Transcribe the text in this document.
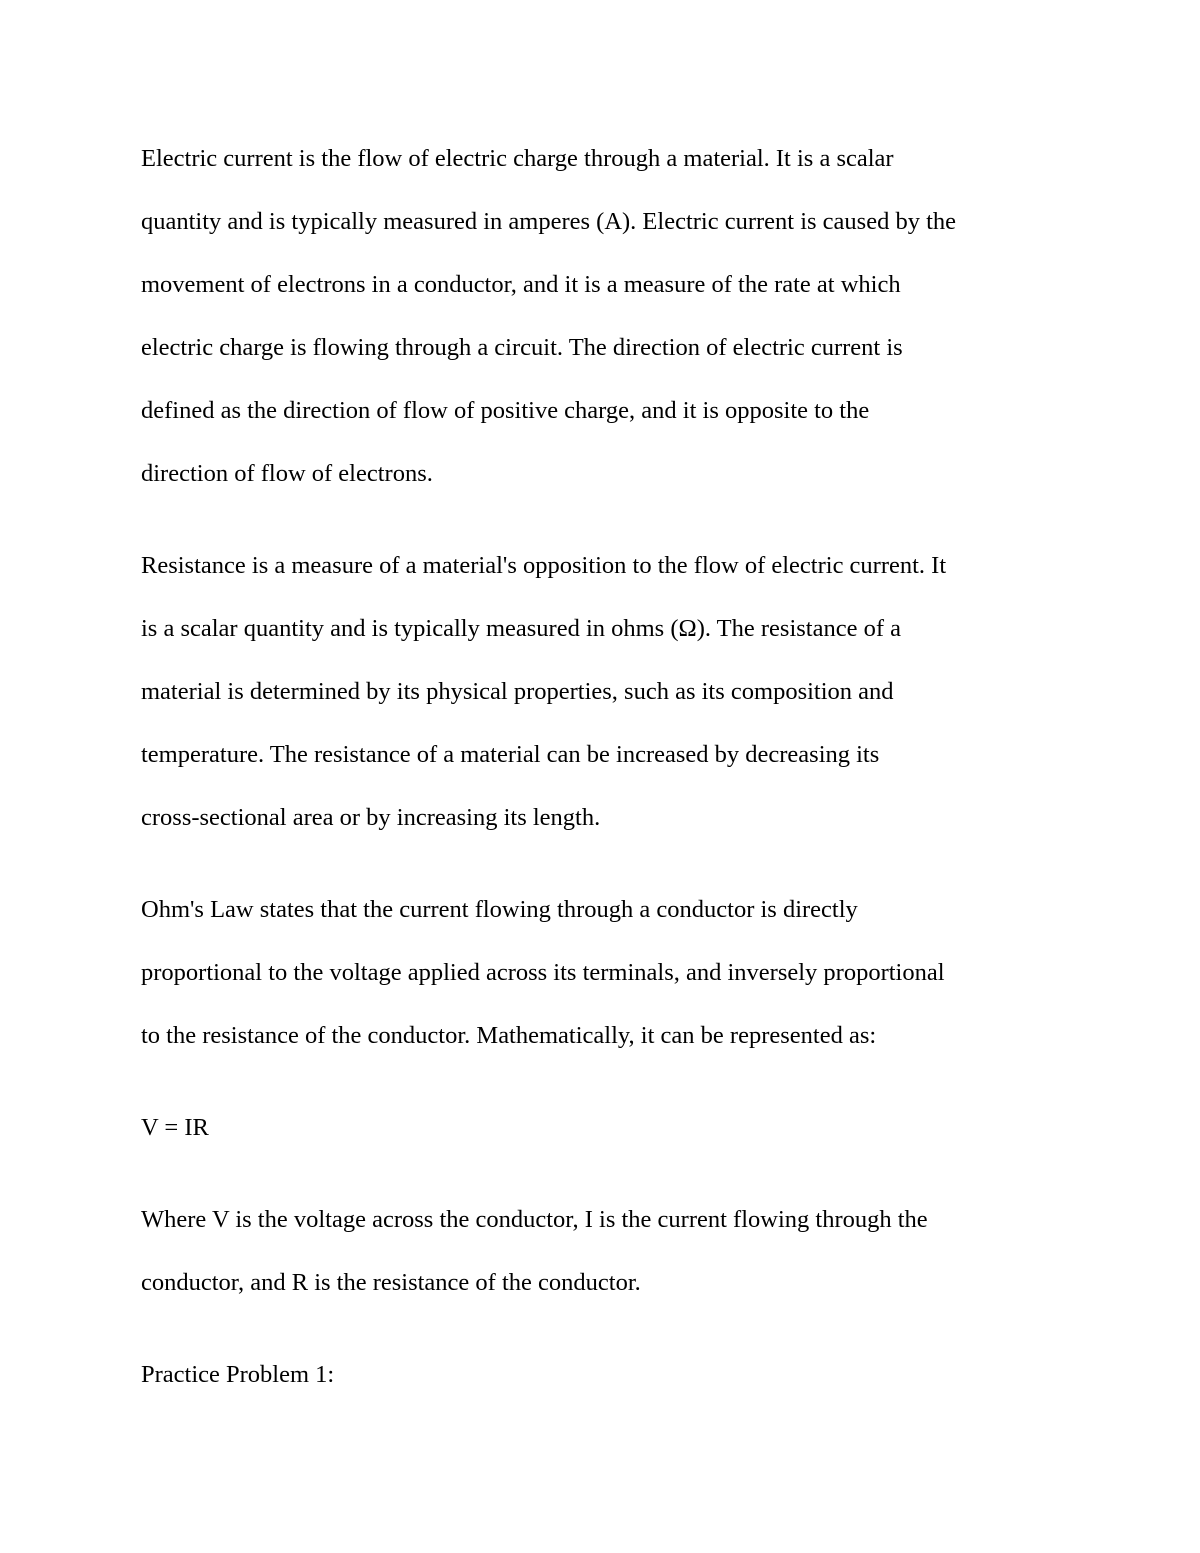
Electric current is the flow of electric charge through a material. It is a scalar
quantity and is typically measured in amperes (A). Electric current is caused by the
movement of electrons in a conductor, and it is a measure of the rate at which
electric charge is flowing through a circuit. The direction of electric current is
defined as the direction of flow of positive charge, and it is opposite to the
direction of flow of electrons.

Resistance is a measure of a material's opposition to the flow of electric current. It
is a scalar quantity and is typically measured in ohms (Ω). The resistance of a
material is determined by its physical properties, such as its composition and
temperature. The resistance of a material can be increased by decreasing its
cross-sectional area or by increasing its length.

Ohm's Law states that the current flowing through a conductor is directly
proportional to the voltage applied across its terminals, and inversely proportional
to the resistance of the conductor. Mathematically, it can be represented as:

V = IR

Where V is the voltage across the conductor, I is the current flowing through the
conductor, and R is the resistance of the conductor.

Practice Problem 1:
